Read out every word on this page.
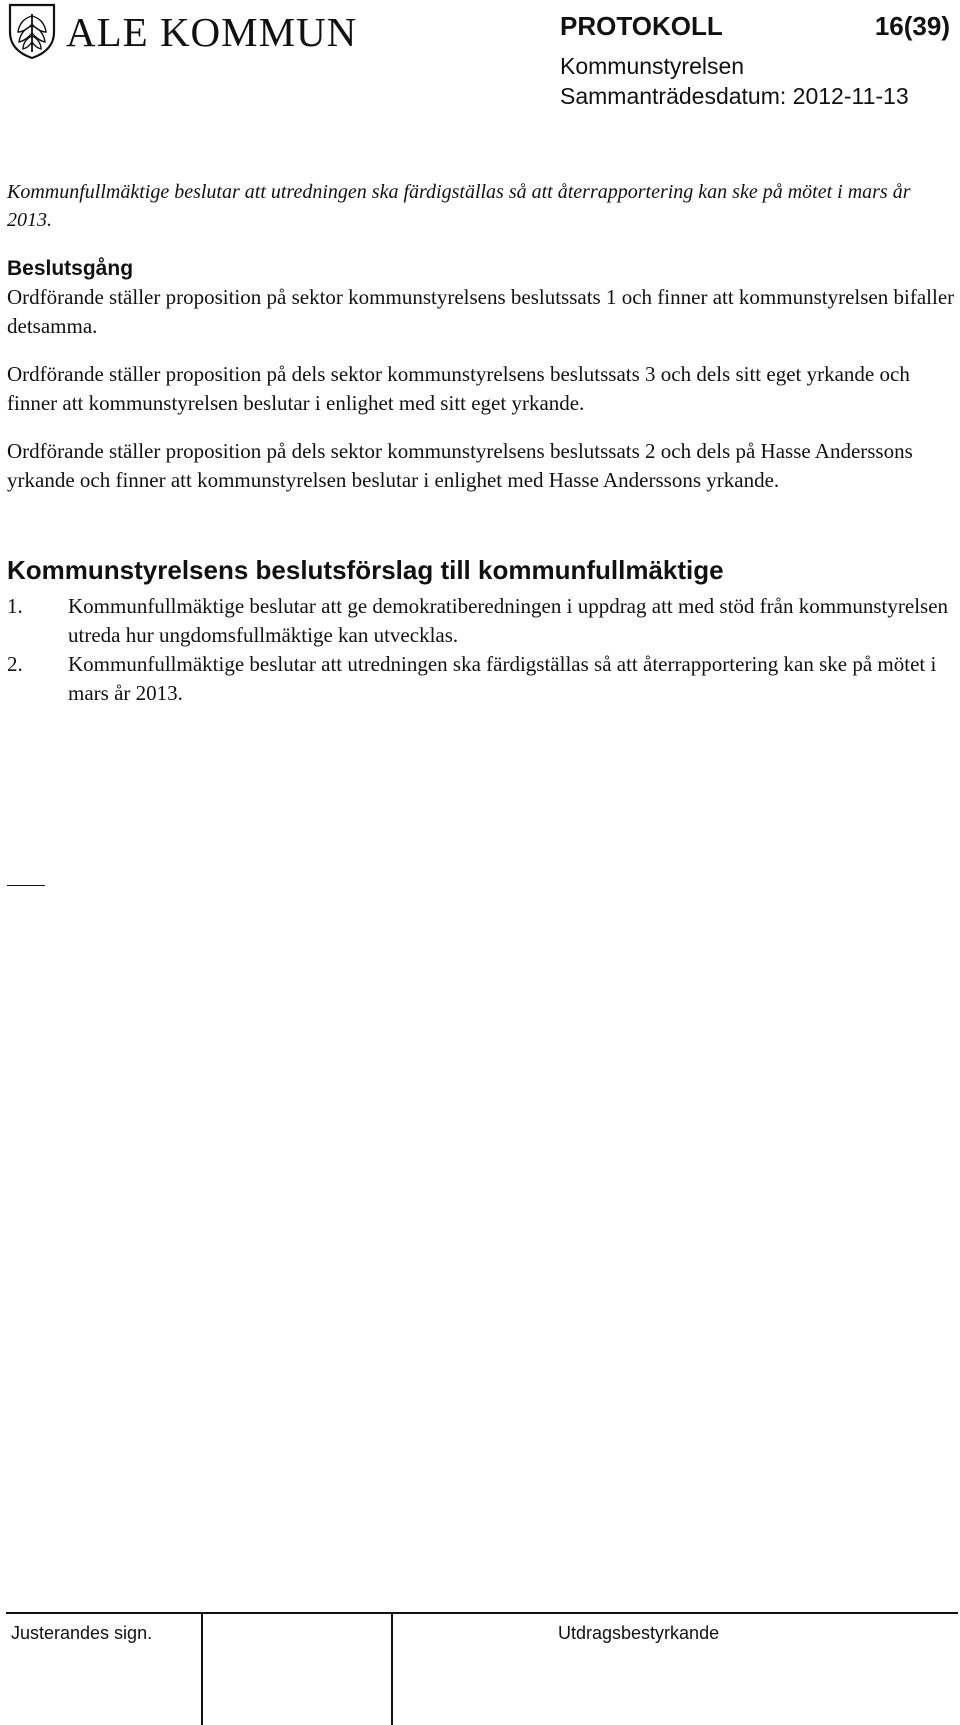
ALE KOMMUN	PROTOKOLL	16(39)
Kommunstyrelsen
Sammanträdesdatum: 2012-11-13

Kommunfullmäktige beslutar att utredningen ska färdigställas så att återrapportering kan ske på mötet i mars år 2013.

Beslutsgång

Ordförande ställer proposition på sektor kommunstyrelsens beslutssats 1 och finner att kommunstyrelsen bifaller detsamma.

Ordförande ställer proposition på dels sektor kommunstyrelsens beslutssats 3 och dels sitt eget yrkande och finner att kommunstyrelsen beslutar i enlighet med sitt eget yrkande.

Ordförande ställer proposition på dels sektor kommunstyrelsens beslutssats 2 och dels på Hasse Anderssons yrkande och finner att kommunstyrelsen beslutar i enlighet med Hasse Anderssons yrkande.

Kommunstyrelsens beslutsförslag till kommunfullmäktige
1. Kommunfullmäktige beslutar att ge demokratiberedningen i uppdrag att med stöd från kommunstyrelsen utreda hur ungdomsfullmäktige kan utvecklas.
2. Kommunfullmäktige beslutar att utredningen ska färdigställas så att återrapportering kan ske på mötet i mars år 2013.
Justerandes sign.	Utdragsbestyrkande
